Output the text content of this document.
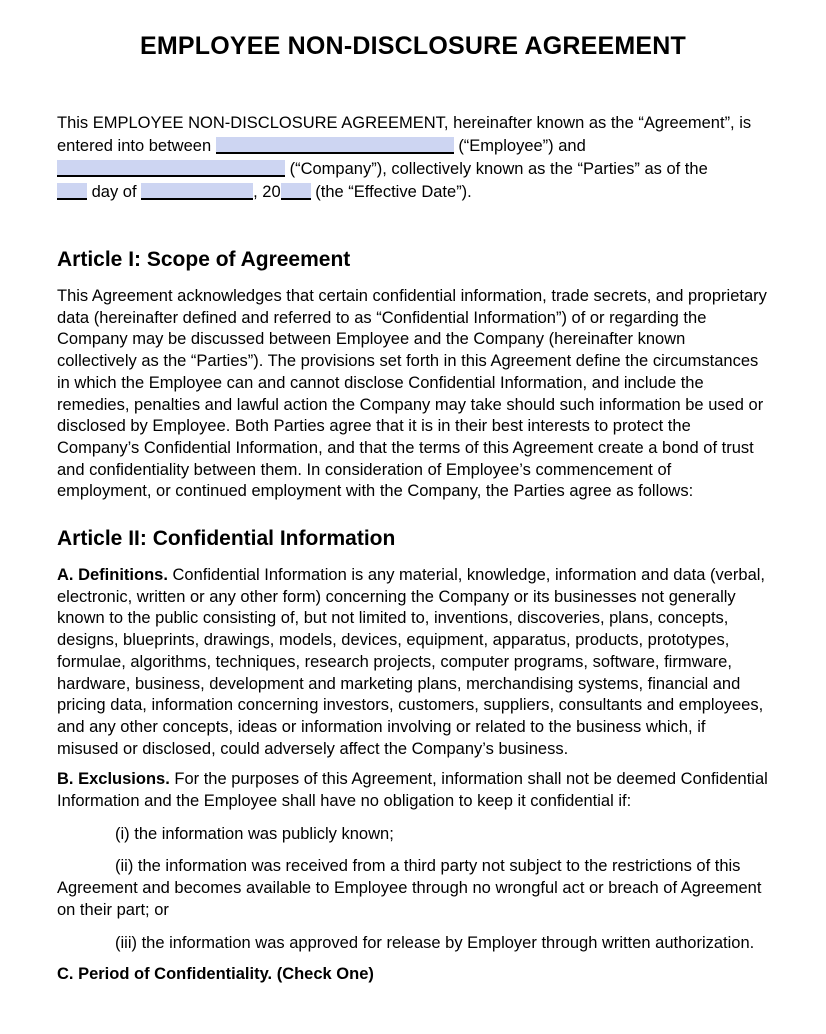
EMPLOYEE NON-DISCLOSURE AGREEMENT
This EMPLOYEE NON-DISCLOSURE AGREEMENT, hereinafter known as the “Agreement”, is
entered into between	(“Employee”) and
(“Company”), collectively known as the “Parties” as of the
day of	, 20 (the “Effective Date”).
Article I: Scope of Agreement

This Agreement acknowledges that certain confidential information, trade secrets, and proprietary data (hereinafter defined and referred to as “Confidential Information”) of or regarding the Company may be discussed between Employee and the Company (hereinafter known collectively as the “Parties”). The provisions set forth in this Agreement define the circumstances in which the Employee can and cannot disclose Confidential Information, and include the remedies, penalties and lawful action the Company may take should such information be used or disclosed by Employee. Both Parties agree that it is in their best interests to protect the Company’s Confidential Information, and that the terms of this Agreement create a bond of trust and confidentiality between them. In consideration of Employee’s commencement of employment, or continued employment with the Company, the Parties agree as follows:

Article II: Confidential Information

A. Definitions. Confidential Information is any material, knowledge, information and data (verbal, electronic, written or any other form) concerning the Company or its businesses not generally known to the public consisting of, but not limited to, inventions, discoveries, plans, concepts, designs, blueprints, drawings, models, devices, equipment, apparatus, products, prototypes, formulae, algorithms, techniques, research projects, computer programs, software, firmware, hardware, business, development and marketing plans, merchandising systems, financial and pricing data, information concerning investors, customers, suppliers, consultants and employees, and any other concepts, ideas or information involving or related to the business which, if misused or disclosed, could adversely affect the Company’s business.

B. Exclusions. For the purposes of this Agreement, information shall not be deemed Confidential Information and the Employee shall have no obligation to keep it confidential if:

(i) the information was publicly known;

(ii) the information was received from a third party not subject to the restrictions of this Agreement and becomes available to Employee through no wrongful act or breach of Agreement on their part; or

(iii) the information was approved for release by Employer through written authorization.

C. Period of Confidentiality. (Check One)
